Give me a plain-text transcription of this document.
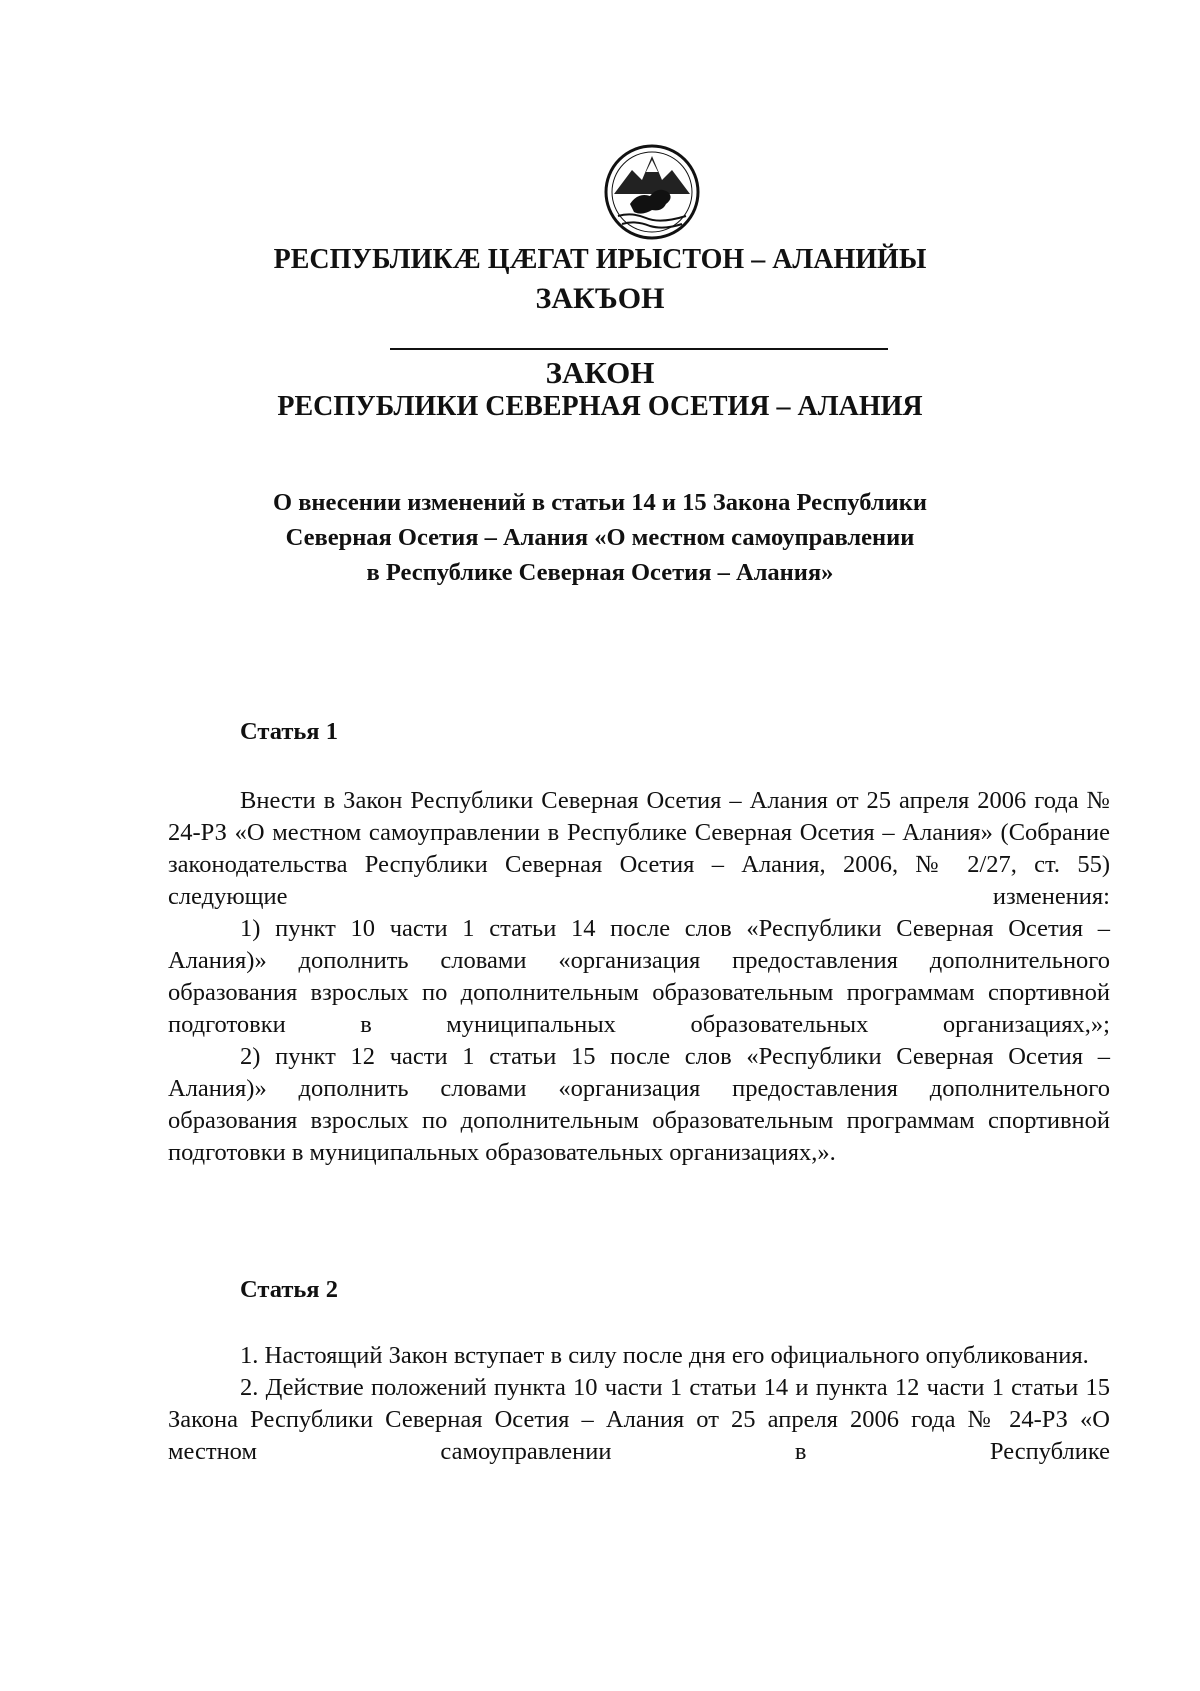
РЕСПУБЛИКӔ ЦӔГАТ ИРЫСТОН – АЛАНИЙЫ
ЗАКЪОН
ЗАКОН
РЕСПУБЛИКИ СЕВЕРНАЯ ОСЕТИЯ – АЛАНИЯ
О внесении изменений в статьи 14 и 15 Закона Республики
Северная Осетия – Алания «О местном самоуправлении
в Республике Северная Осетия – Алания»
Статья 1

Внести в Закон Республики Северная Осетия – Алания от 25 апреля 2006 года № 24-РЗ «О местном самоуправлении в Республике Северная Осетия – Алания» (Собрание законодательства Республики Северная Осетия – Алания, 2006, № 2/27, ст. 55) следующие изменения:

1) пункт 10 части 1 статьи 14 после слов «Республики Северная Осетия – Алания)» дополнить словами «организация предоставления дополнительного образования взрослых по дополнительным образовательным программам спортивной подготовки в муниципальных образовательных организациях,»;

2) пункт 12 части 1 статьи 15 после слов «Республики Северная Осетия – Алания)» дополнить словами «организация предоставления дополнительного образования взрослых по дополнительным образовательным программам спортивной подготовки в муниципальных образовательных организациях,».

Статья 2

1. Настоящий Закон вступает в силу после дня его официального опубликования.

2. Действие положений пункта 10 части 1 статьи 14 и пункта 12 части 1 статьи 15 Закона Республики Северная Осетия – Алания от 25 апреля 2006 года № 24-РЗ «О местном самоуправлении в Республике
